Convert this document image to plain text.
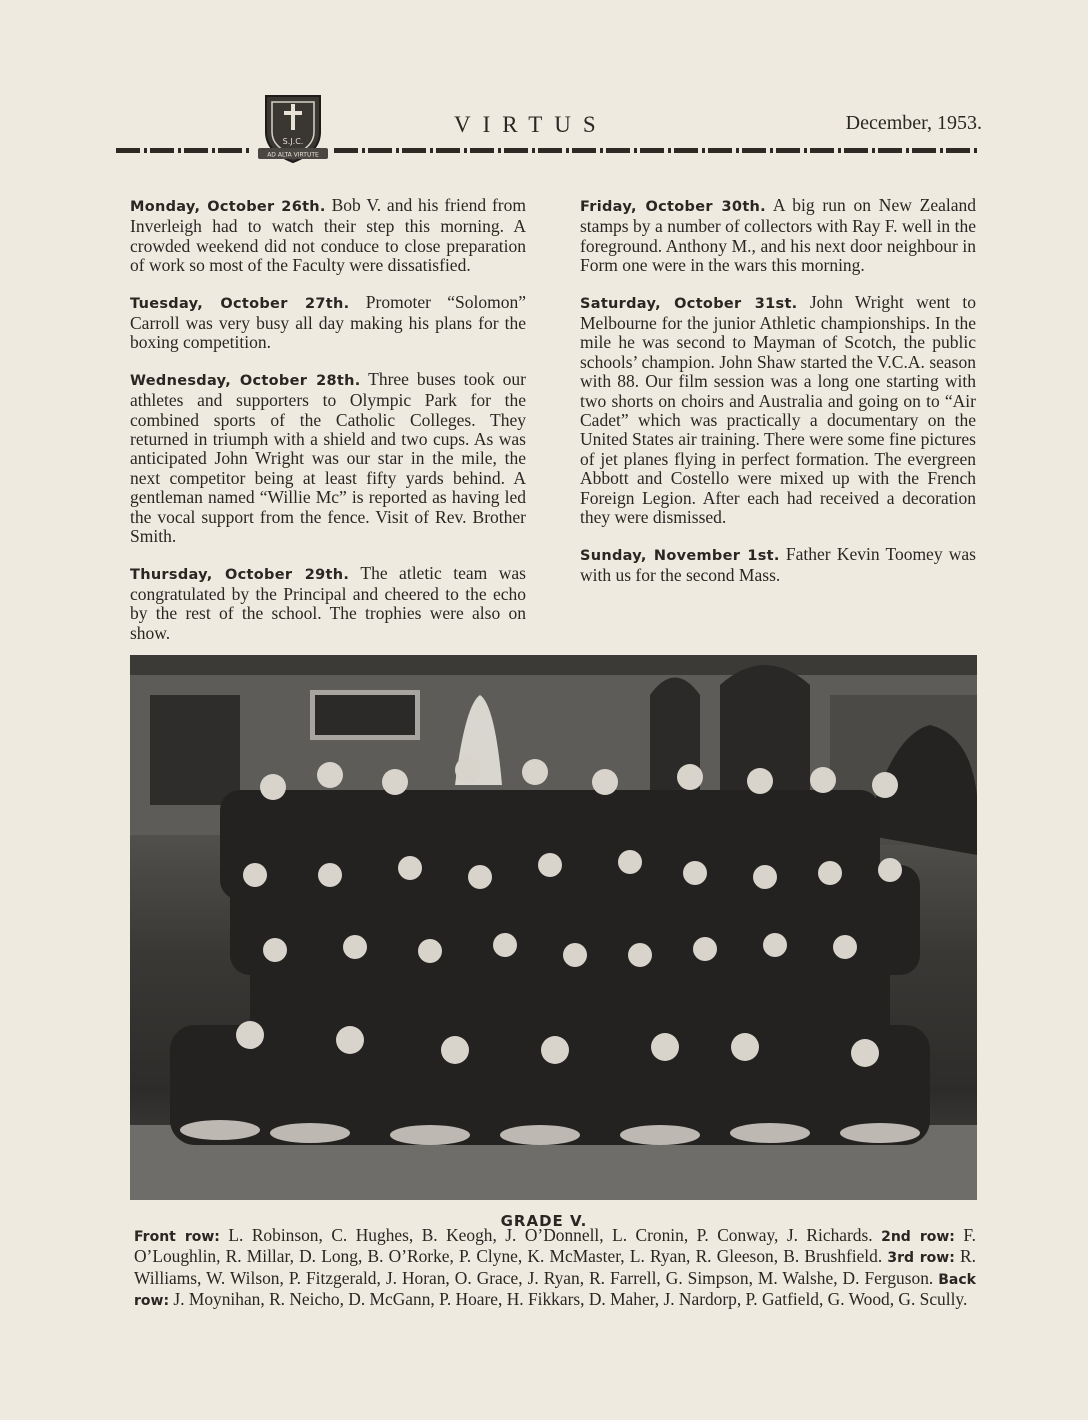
S.J.C.
AD ALTA VIRTUTE
VIRTUS	December, 1953.

Monday, October 26th. Bob V. and his friend from Inverleigh had to watch their step this morning. A crowded weekend did not conduce to close preparation of work so most of the Faculty were dissatisfied.

Tuesday, October 27th. Promoter “Solomon” Carroll was very busy all day making his plans for the boxing competition.

Wednesday, October 28th. Three buses took our athletes and supporters to Olympic Park for the combined sports of the Catholic Colleges. They returned in triumph with a shield and two cups. As was anticipated John Wright was our star in the mile, the next competitor being at least fifty yards behind. A gentleman named “Willie Mc” is reported as having led the vocal support from the fence. Visit of Rev. Brother Smith.

Thursday, October 29th. The atletic team was congratulated by the Principal and cheered to the echo by the rest of the school. The trophies were also on show.

Friday, October 30th. A big run on New Zealand stamps by a number of collectors with Ray F. well in the foreground. Anthony M., and his next door neighbour in Form one were in the wars this morning.

Saturday, October 31st. John Wright went to Melbourne for the junior Athletic championships. In the mile he was second to Mayman of Scotch, the public schools’ champion. John Shaw started the V.C.A. season with 88. Our film session was a long one starting with two shorts on choirs and Australia and going on to “Air Cadet” which was practically a documentary on the United States air training. There were some fine pictures of jet planes flying in perfect formation. The evergreen Abbott and Costello were mixed up with the French Foreign Legion. After each had received a decoration they were dismissed.

Sunday, November 1st. Father Kevin Toomey was with us for the second Mass.

GRADE V.
Front row: L. Robinson, C. Hughes, B. Keogh, J. O’Donnell, L. Cronin, P. Conway, J. Richards. 2nd row: F. O’Loughlin, R. Millar, D. Long, B. O’Rorke, P. Clyne, K. McMaster, L. Ryan, R. Gleeson, B. Brushfield. 3rd row: R. Williams, W. Wilson, P. Fitzgerald, J. Horan, O. Grace, J. Ryan, R. Farrell, G. Simpson, M. Walshe, D. Ferguson. Back row: J. Moynihan, R. Neicho, D. McGann, P. Hoare, H. Fikkars, D. Maher, J. Nardorp, P. Gatfield, G. Wood, G. Scully.
